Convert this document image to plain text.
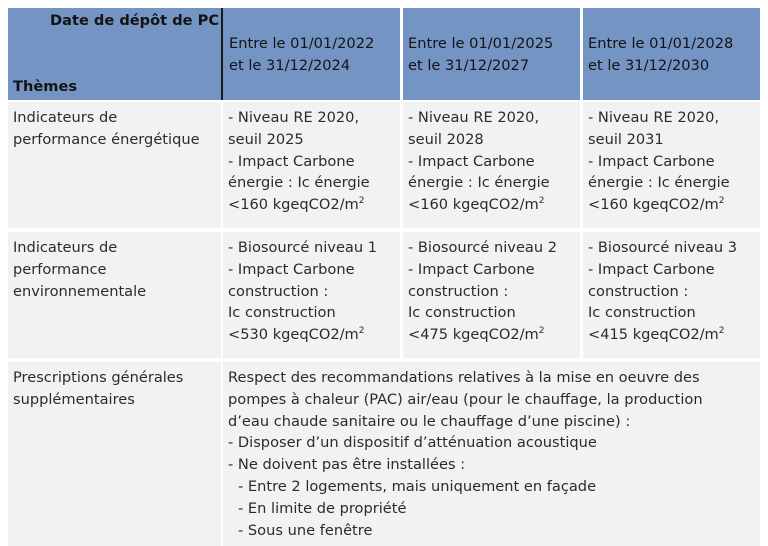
Date de dépôt de PC
Thèmes
Entre le 01/01/2022
et le 31/12/2024
Entre le 01/01/2025
et le 31/12/2027
Entre le 01/01/2028
et le 31/12/2030
Indicateurs de
performance énergétique
- Niveau RE 2020,
seuil 2025
- Impact Carbone
énergie : Ic énergie
<160 $kgeqCO2/m^2$
- Niveau RE 2020,
seuil 2028
- Impact Carbone
énergie : Ic énergie
<160 $kgeqCO2/m^2$
- Niveau RE 2020,
seuil 2031
- Impact Carbone
énergie : Ic énergie
<160 $kgeqCO2/m^2$
Indicateurs de
performance
environnementale
- Biosourcé niveau 1
- Impact Carbone
construction :
Ic construction
<530 $kgeqCO2/m^2$
- Biosourcé niveau 2
- Impact Carbone
construction :
Ic construction
<475 $kgeqCO2/m^2$
- Biosourcé niveau 3
- Impact Carbone
construction :
Ic construction
<415 $kgeqCO2/m^2$
Prescriptions générales
supplémentaires
Respect des recommandations relatives à la mise en oeuvre des
pompes à chaleur (PAC) air/eau (pour le chauffage, la production
d’eau chaude sanitaire ou le chauffage d’une piscine) :
- Disposer d’un dispositif d’atténuation acoustique
- Ne doivent pas être installées :
- Entre 2 logements, mais uniquement en façade
- En limite de propriété
- Sous une fenêtre
